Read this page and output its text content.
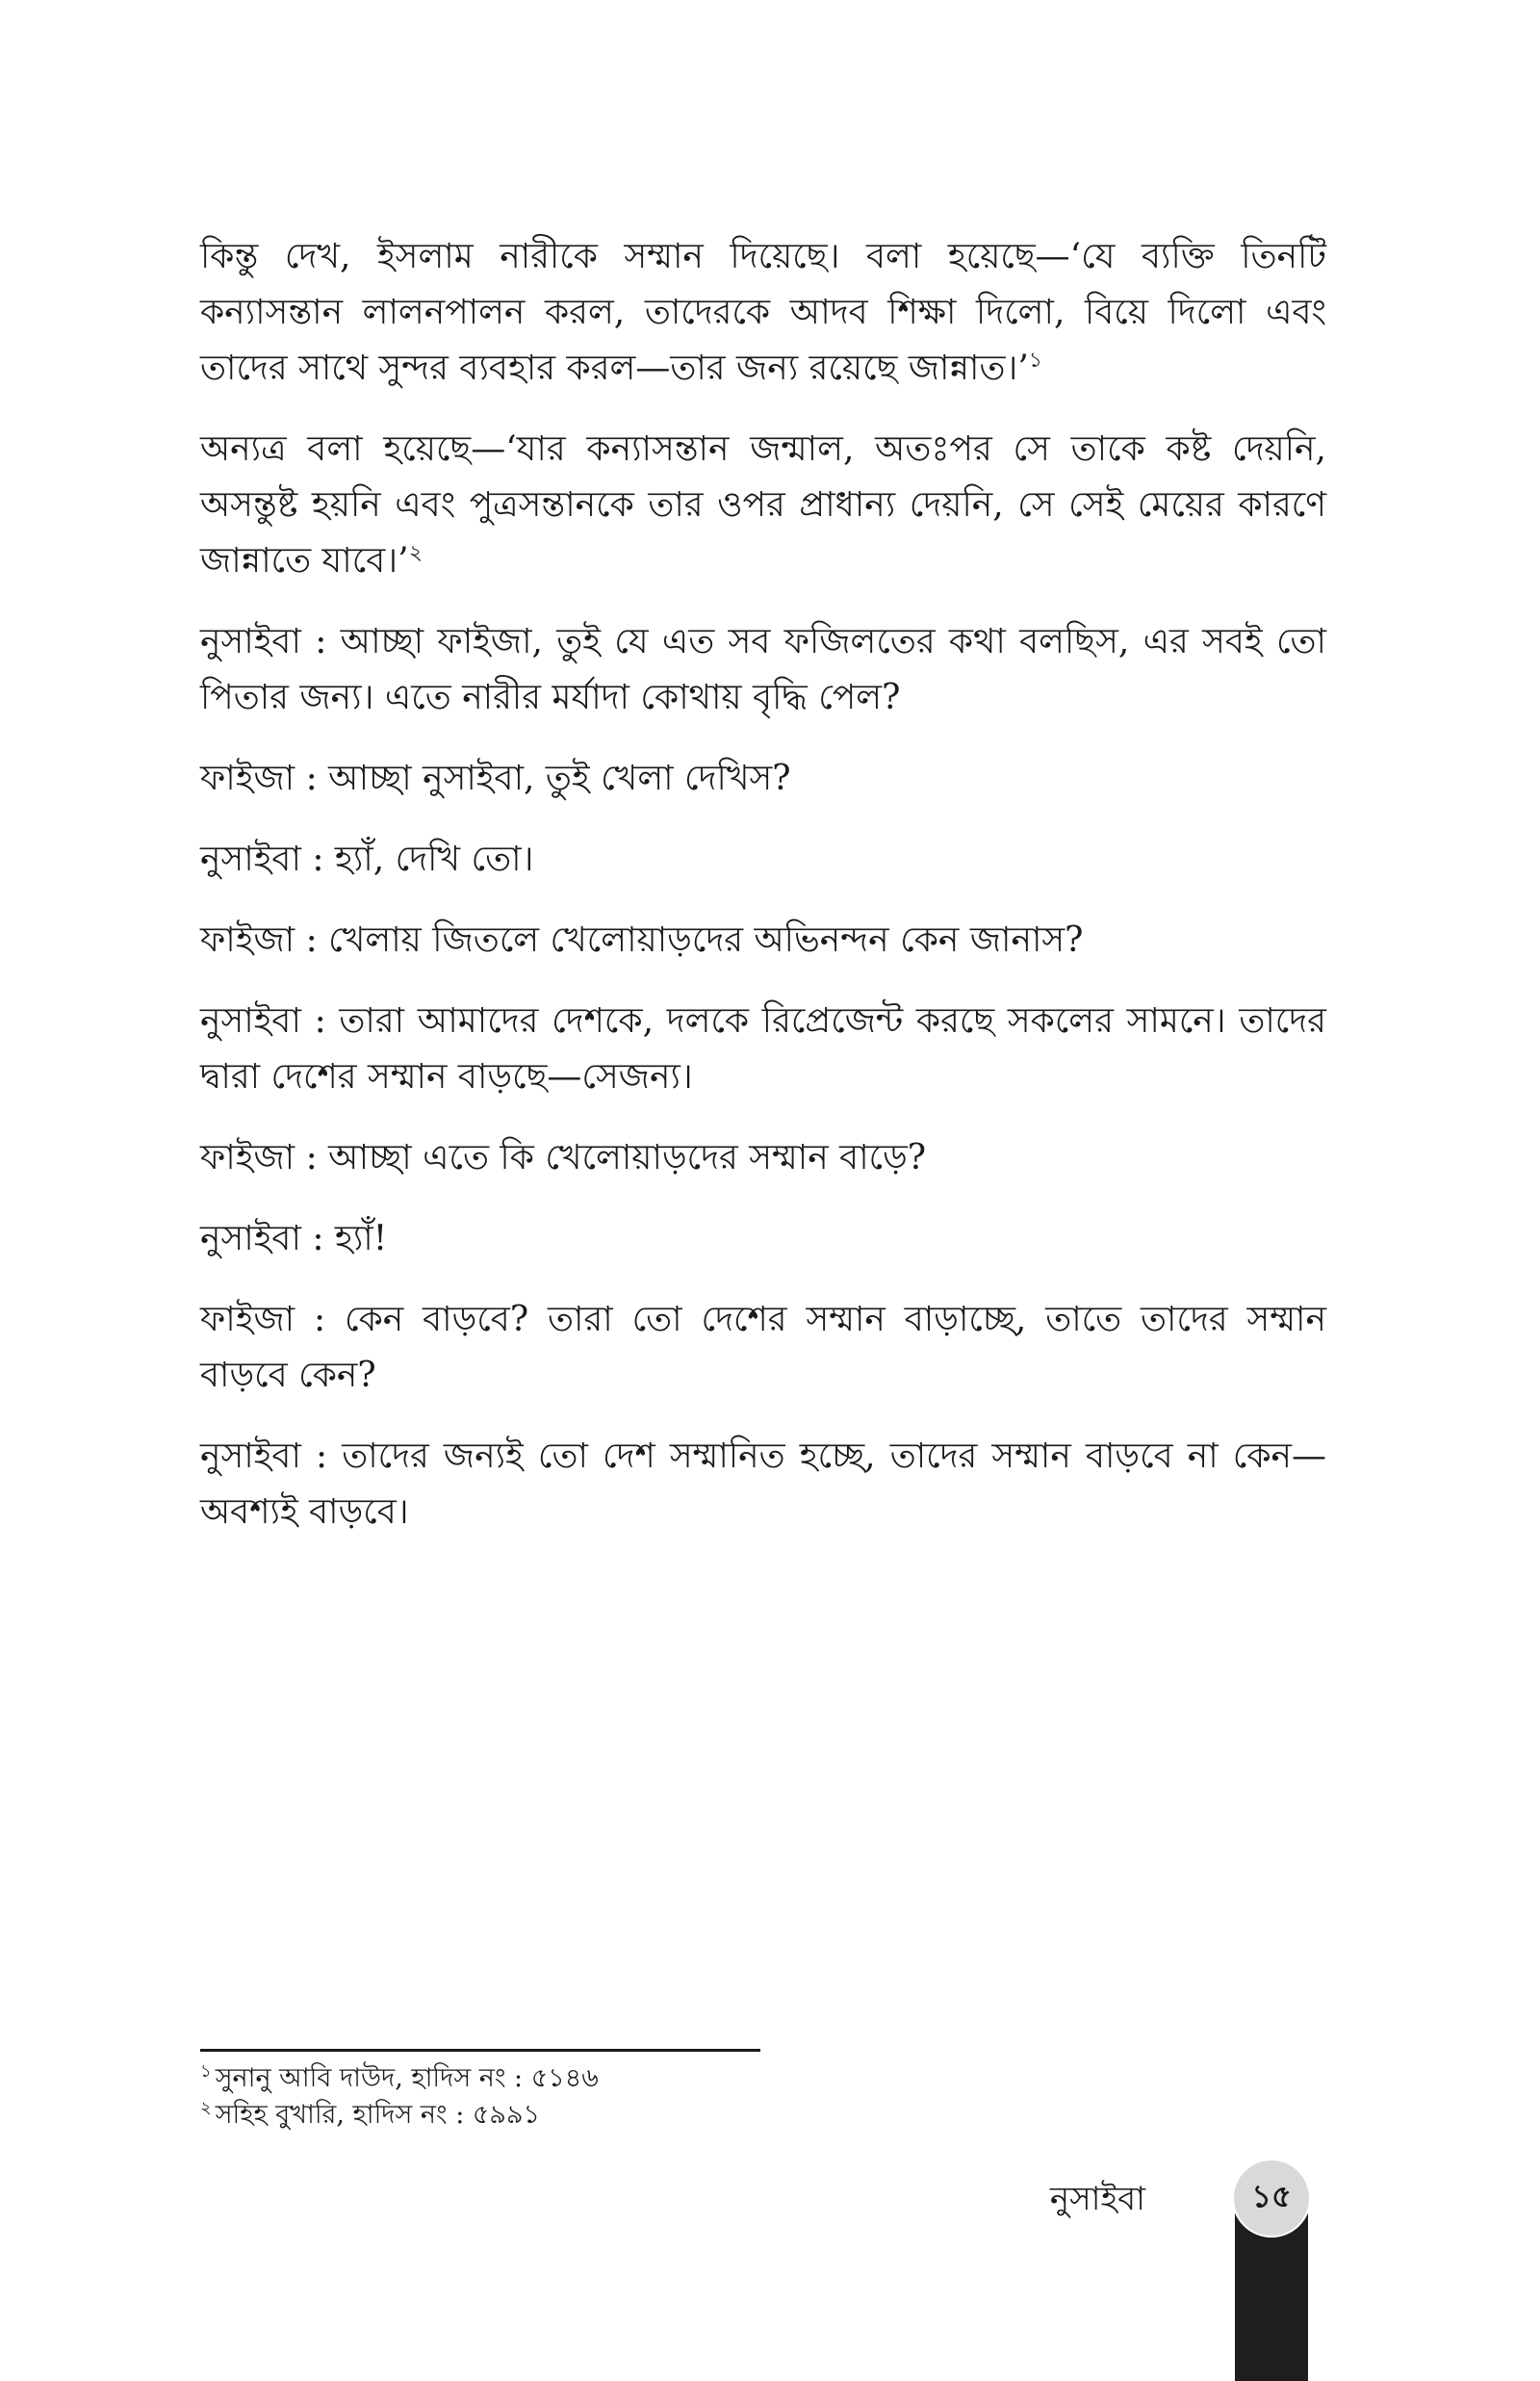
কিন্তু দেখ, ইসলাম নারীকে সম্মান দিয়েছে। বলা হয়েছে—‘যে ব্যক্তি তিনটি কন্যাসন্তান লালনপালন করল, তাদেরকে আদব শিক্ষা দিলো, বিয়ে দিলো এবং তাদের সাথে সুন্দর ব্যবহার করল—তার জন্য রয়েছে জান্নাত।’$^১$

অন্যত্র বলা হয়েছে—‘যার কন্যাসন্তান জন্মাল, অতঃপর সে তাকে কষ্ট দেয়নি, অসন্তুষ্ট হয়নি এবং পুত্রসন্তানকে তার ওপর প্রাধান্য দেয়নি, সে সেই মেয়ের কারণে জান্নাতে যাবে।’$^২$

নুসাইবা : আচ্ছা ফাইজা, তুই যে এত সব ফজিলতের কথা বলছিস, এর সবই তো পিতার জন্য। এতে নারীর মর্যাদা কোথায় বৃদ্ধি পেল?

ফাইজা : আচ্ছা নুসাইবা, তুই খেলা দেখিস?

নুসাইবা : হ্যাঁ, দেখি তো।

ফাইজা : খেলায় জিতলে খেলোয়াড়দের অভিনন্দন কেন জানাস?

নুসাইবা : তারা আমাদের দেশকে, দলকে রিপ্রেজেন্ট করছে সকলের সামনে। তাদের দ্বারা দেশের সম্মান বাড়ছে—সেজন্য।

ফাইজা : আচ্ছা এতে কি খেলোয়াড়দের সম্মান বাড়ে?

নুসাইবা : হ্যাঁ!

ফাইজা : কেন বাড়বে? তারা তো দেশের সম্মান বাড়াচ্ছে, তাতে তাদের সম্মান বাড়বে কেন?

নুসাইবা : তাদের জন্যই তো দেশ সম্মানিত হচ্ছে, তাদের সম্মান বাড়বে না কেন—অবশ্যই বাড়বে।

$^১$ সুনানু আবি দাউদ, হাদিস নং : ৫১৪৬

$^২$ সহিহ বুখারি, হাদিস নং : ৫৯৯১

নুসাইবা	১৫
